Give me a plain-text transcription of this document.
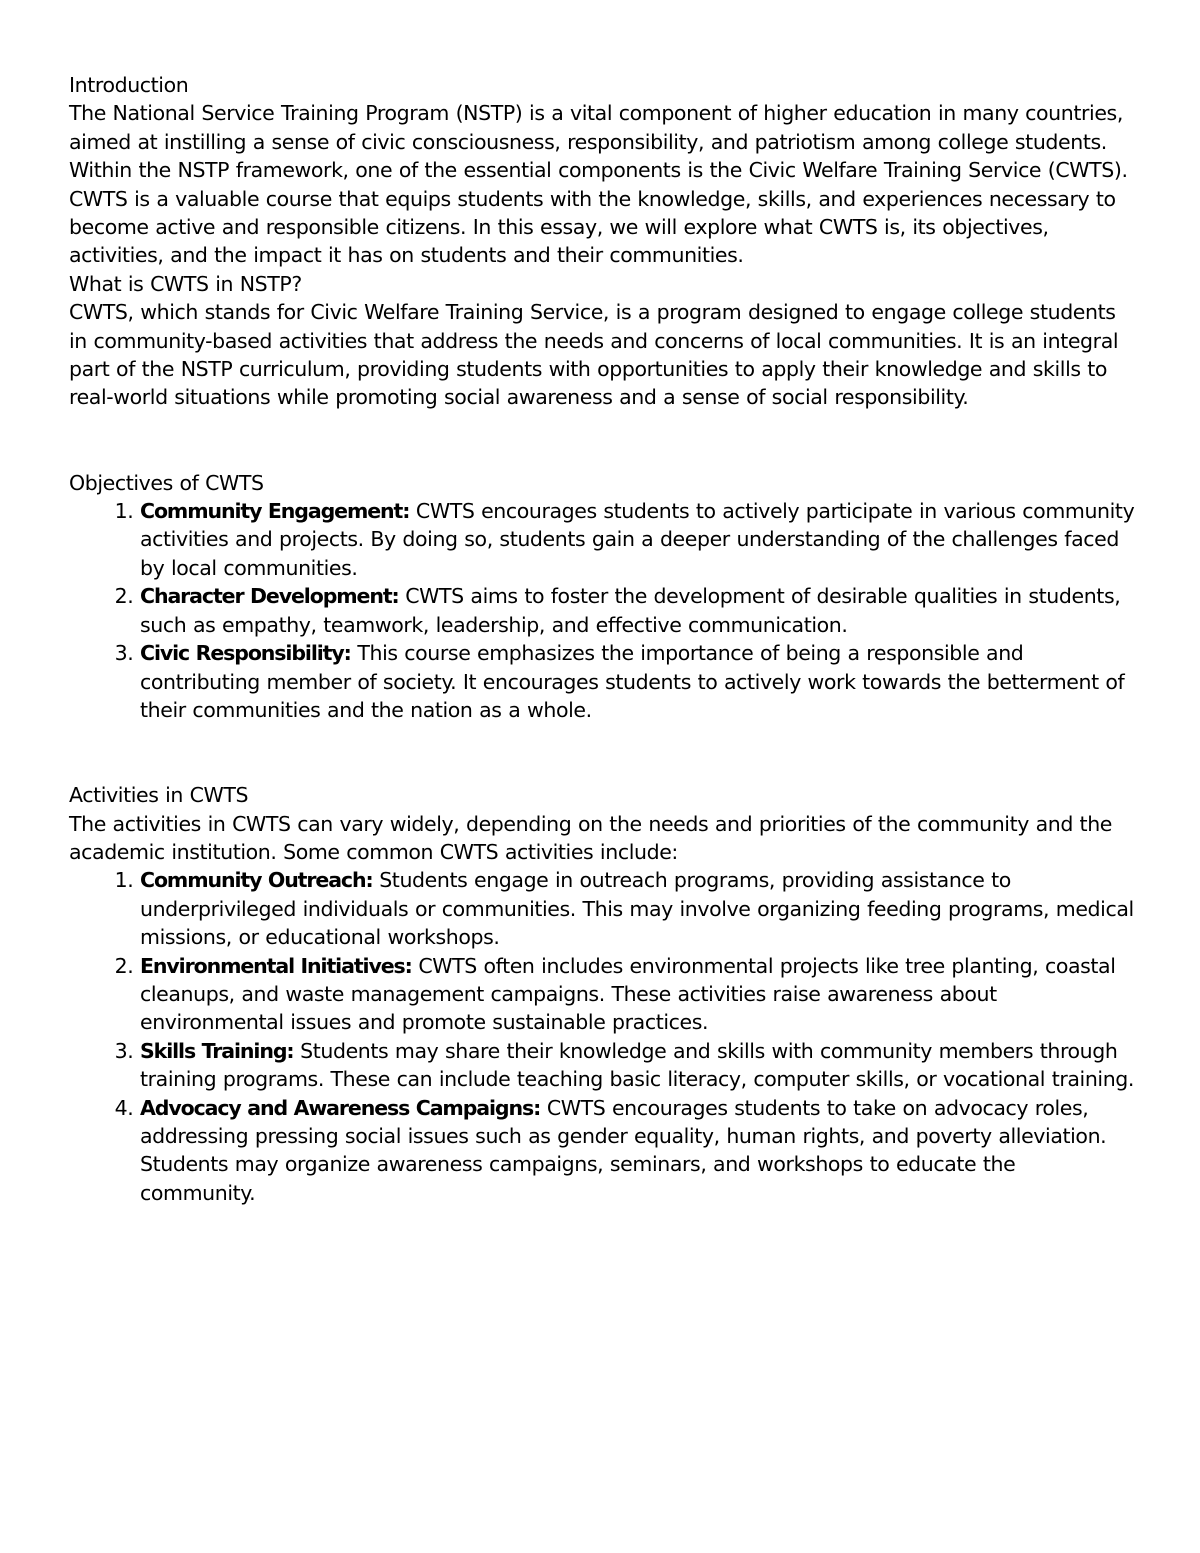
Introduction

The National Service Training Program (NSTP) is a vital component of higher education in many countries, aimed at instilling a sense of civic consciousness, responsibility, and patriotism among college students. Within the NSTP framework, one of the essential components is the Civic Welfare Training Service (CWTS). CWTS is a valuable course that equips students with the knowledge, skills, and experiences necessary to become active and responsible citizens. In this essay, we will explore what CWTS is, its objectives, activities, and the impact it has on students and their communities.

What is CWTS in NSTP?

CWTS, which stands for Civic Welfare Training Service, is a program designed to engage college students in community-based activities that address the needs and concerns of local communities. It is an integral part of the NSTP curriculum, providing students with opportunities to apply their knowledge and skills to real-world situations while promoting social awareness and a sense of social responsibility.

Objectives of CWTS
1. Community Engagement: CWTS encourages students to actively participate in various community activities and projects. By doing so, students gain a deeper understanding of the challenges faced by local communities.
2. Character Development: CWTS aims to foster the development of desirable qualities in students, such as empathy, teamwork, leadership, and effective communication.
3. Civic Responsibility: This course emphasizes the importance of being a responsible and contributing member of society. It encourages students to actively work towards the betterment of their communities and the nation as a whole.
Activities in CWTS

The activities in CWTS can vary widely, depending on the needs and priorities of the community and the academic institution. Some common CWTS activities include:

1. Community Outreach: Students engage in outreach programs, providing assistance to underprivileged individuals or communities. This may involve organizing feeding programs, medical missions, or educational workshops.
2. Environmental Initiatives: CWTS often includes environmental projects like tree planting, coastal cleanups, and waste management campaigns. These activities raise awareness about environmental issues and promote sustainable practices.
3. Skills Training: Students may share their knowledge and skills with community members through training programs. These can include teaching basic literacy, computer skills, or vocational training.
4. Advocacy and Awareness Campaigns: CWTS encourages students to take on advocacy roles, addressing pressing social issues such as gender equality, human rights, and poverty alleviation. Students may organize awareness campaigns, seminars, and workshops to educate the community.
